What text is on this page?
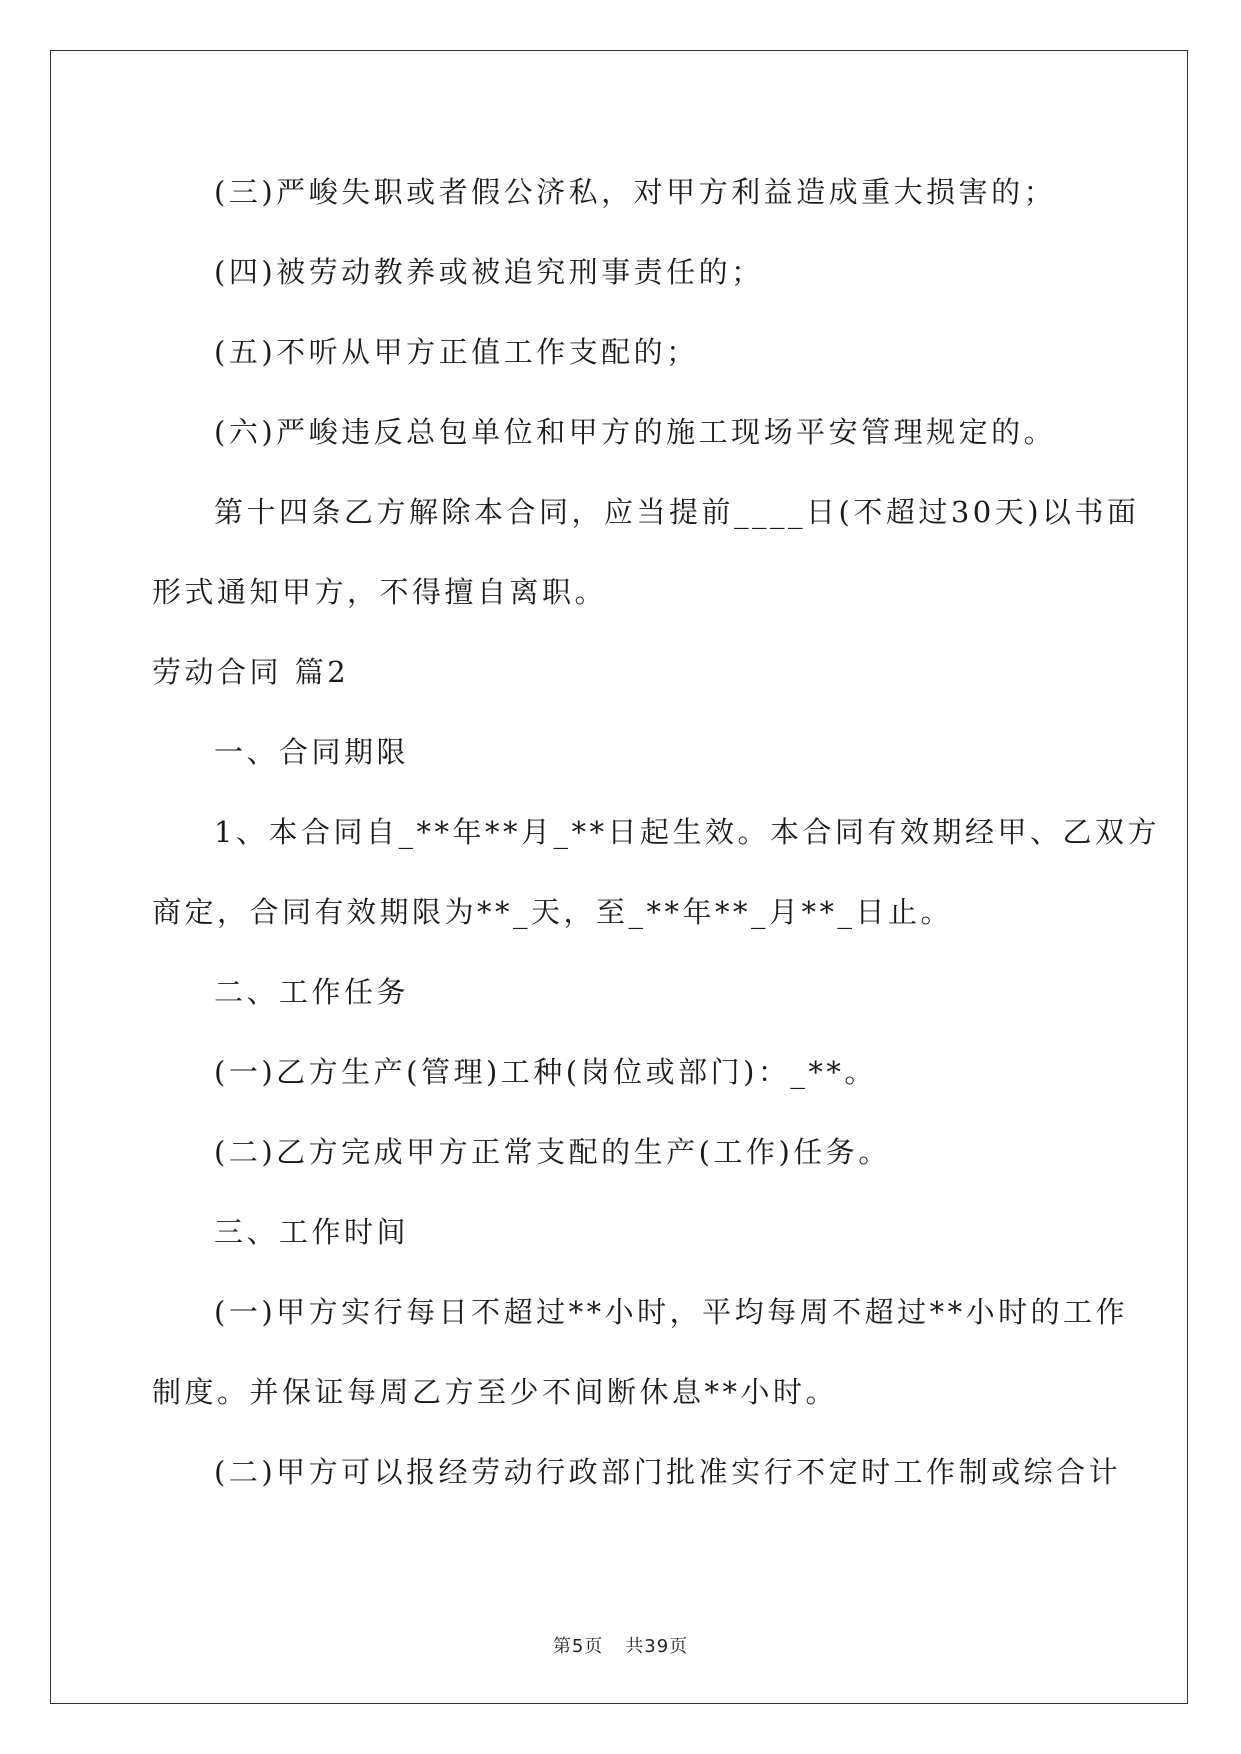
(三)严峻失职或者假公济私，对甲方利益造成重大损害的；
(四)被劳动教养或被追究刑事责任的；
(五)不听从甲方正值工作支配的；
(六)严峻违反总包单位和甲方的施工现场平安管理规定的。
第十四条乙方解除本合同，应当提前____日(不超过30天)以书面
形式通知甲方，不得擅自离职。
劳动合同 篇2
一、合同期限
1、本合同自_**年**月_**日起生效。本合同有效期经甲、乙双方
商定，合同有效期限为**_天，至_**年**_月**_日止。
二、工作任务
(一)乙方生产(管理)工种(岗位或部门)：_**。
(二)乙方完成甲方正常支配的生产(工作)任务。
三、工作时间
(一)甲方实行每日不超过**小时，平均每周不超过**小时的工作
制度。并保证每周乙方至少不间断休息**小时。
(二)甲方可以报经劳动行政部门批准实行不定时工作制或综合计
第5页 共39页
